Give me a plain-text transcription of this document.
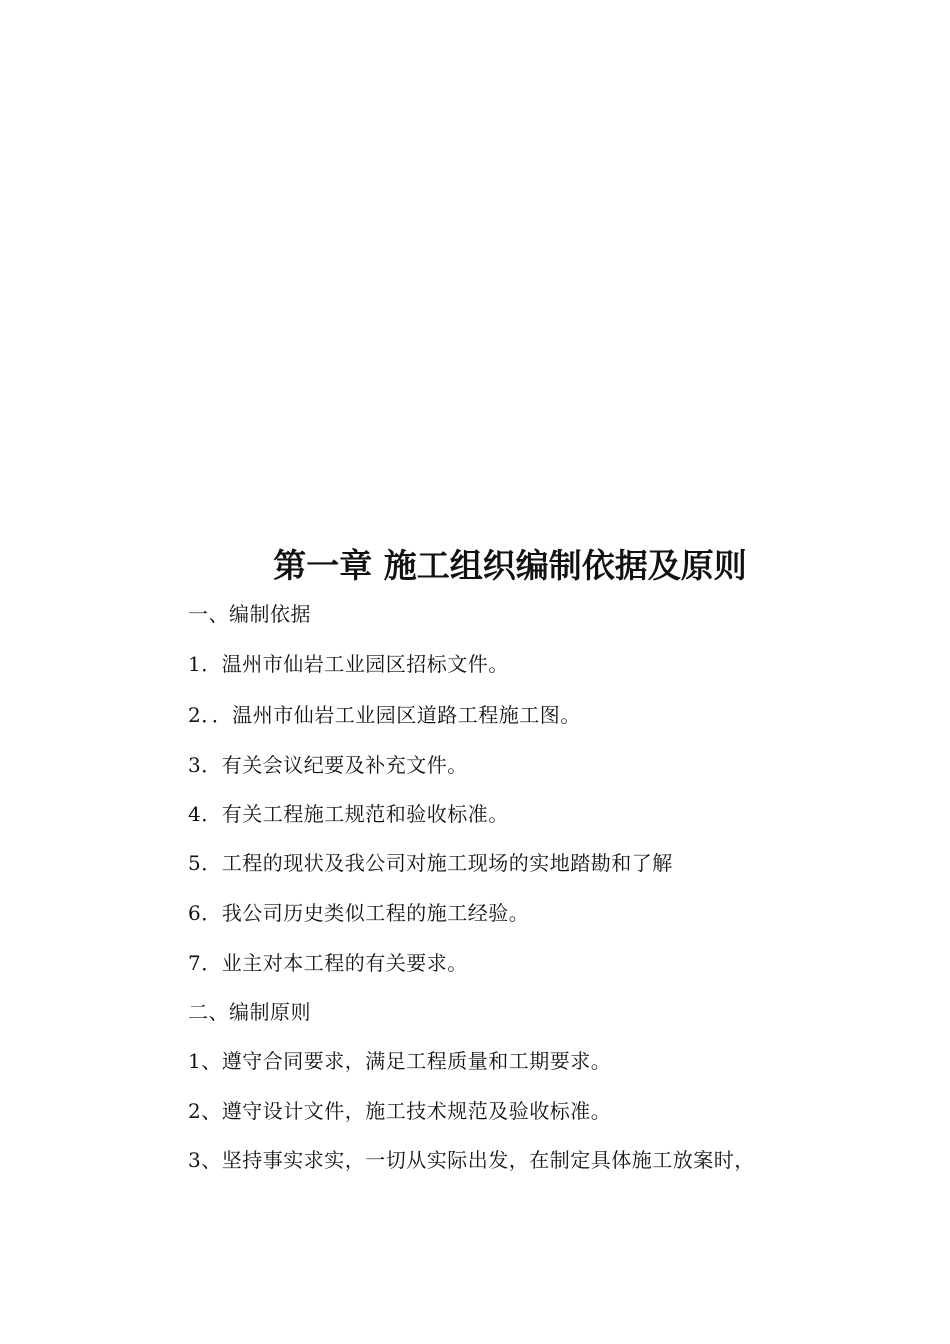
第一章 施工组织编制依据及原则

一、编制依据

1．温州市仙岩工业园区招标文件。

2．．温州市仙岩工业园区道路工程施工图。

3．有关会议纪要及补充文件。

4．有关工程施工规范和验收标准。

5．工程的现状及我公司对施工现场的实地踏勘和了解

6．我公司历史类似工程的施工经验。

7．业主对本工程的有关要求。

二、编制原则

1、遵守合同要求，满足工程质量和工期要求。

2、遵守设计文件，施工技术规范及验收标准。

3、坚持事实求实，一切从实际出发，在制定具体施工放案时，
